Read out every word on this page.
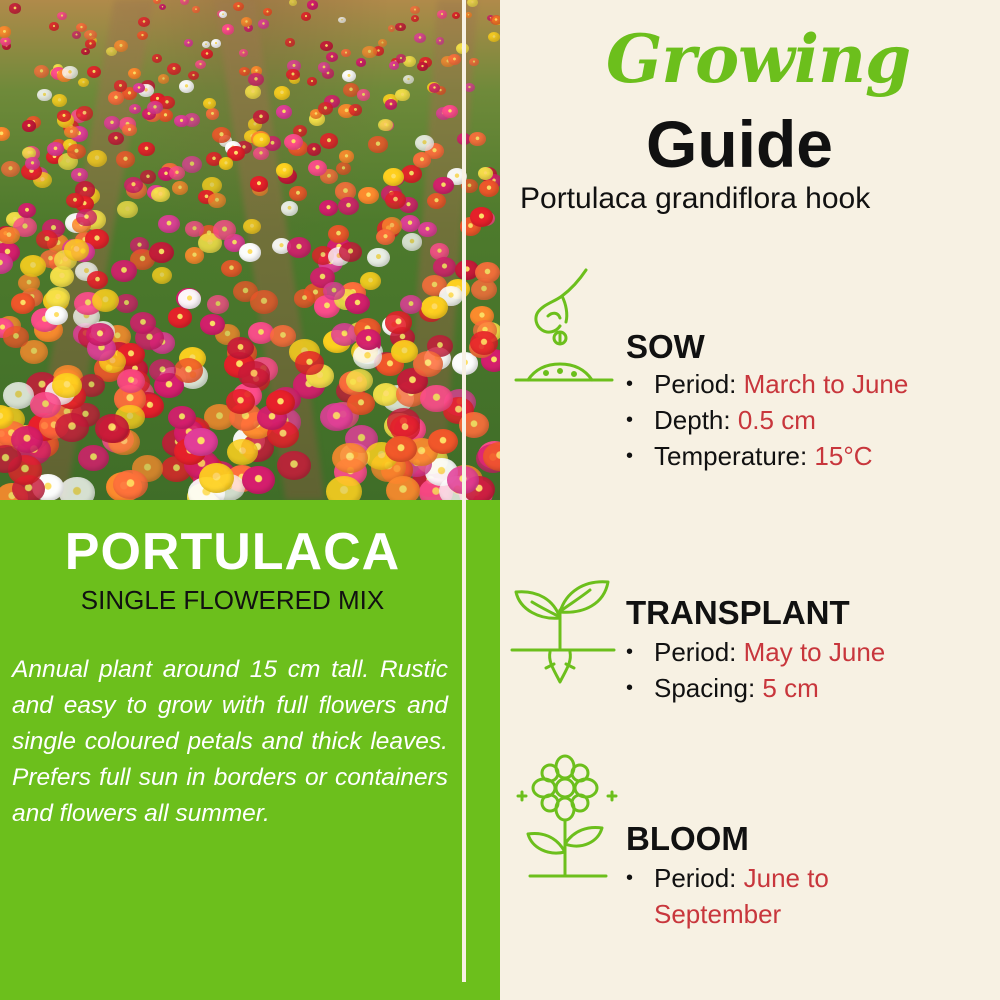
PORTULACA
SINGLE FLOWERED MIX
Annual plant around 15 cm tall. Rustic and easy to grow with full flowers and single coloured petals and thick leaves. Prefers full sun in borders or containers and flowers all summer.
Growing
Guide
Portulaca grandiflora hook
SOW
• Period: March to June
• Depth: 0.5 cm
• Temperature: 15°C
TRANSPLANT
• Period: May to June
• Spacing: 5 cm
BLOOM
• Period: June to September
